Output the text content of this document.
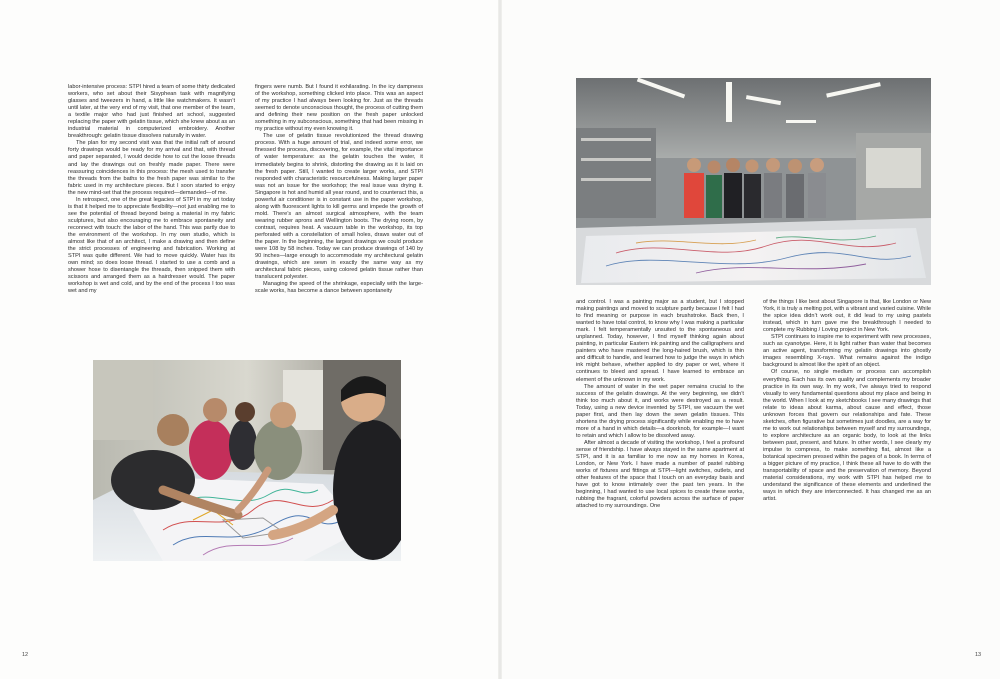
labor-intensive process: STPI hired a team of some thirty dedicated workers, who set about their Sisyphean task with magnifying glasses and tweezers in hand, a little like watchmakers. It wasn’t until later, at the very end of my visit, that one member of the team, a textile major who had just finished art school, suggested replacing the paper with gelatin tissue, which she knew about as an industrial material in computerized embroidery. Another breakthrough: gelatin tissue dissolves naturally in water.

The plan for my second visit was that the initial raft of around forty drawings would be ready for my arrival and that, with thread and paper separated, I would decide how to cut the loose threads and lay the drawings out on freshly made paper. There were reassuring coincidences in this process: the mesh used to transfer the threads from the baths to the fresh paper was similar to the fabric used in my architecture pieces. But I soon started to enjoy the new mind-set that the process required—demanded—of me.

In retrospect, one of the great legacies of STPI in my art today is that it helped me to appreciate flexibility—not just enabling me to see the potential of thread beyond being a material in my fabric sculptures, but also encouraging me to embrace spontaneity and reconnect with touch: the labor of the hand. This was partly due to the environment of the workshop. In my own studio, which is almost like that of an architect, I make a drawing and then define the strict processes of engineering and fabrication. Working at STPI was quite different. We had to move quickly. Water has its own mind; so does loose thread. I started to use a comb and a shower hose to disentangle the threads, then snipped them with scissors and arranged them as a hairdresser would. The paper workshop is wet and cold, and by the end of the process I too was wet and my

fingers were numb. But I found it exhilarating. In the icy dampness of the workshop, something clicked into place. This was an aspect of my practice I had always been looking for. Just as the threads seemed to denote unconscious thought, the process of cutting them and defining their new position on the fresh paper unlocked something in my subconscious, something that had been missing in my practice without my even knowing it.

The use of gelatin tissue revolutionized the thread drawing process. With a huge amount of trial, and indeed some error, we finessed the process, discovering, for example, the vital importance of water temperature: as the gelatin touches the water, it immediately begins to shrink, distorting the drawing as it is laid on the fresh paper. Still, I wanted to create larger works, and STPI responded with characteristic resourcefulness. Making larger paper was not an issue for the workshop; the real issue was drying it. Singapore is hot and humid all year round, and to counteract this, a powerful air conditioner is in constant use in the paper workshop, along with fluorescent lights to kill germs and impede the growth of mold. There’s an almost surgical atmosphere, with the team wearing rubber aprons and Wellington boots. The drying room, by contrast, requires heat. A vacuum table in the workshop, its top perforated with a constellation of small holes, draws water out of the paper. In the beginning, the largest drawings we could produce were 108 by 58 inches. Today we can produce drawings of 140 by 90 inches—large enough to accommodate my architectural gelatin drawings, which are sewn in exactly the same way as my architectural fabric pieces, using colored gelatin tissue rather than translucent polyester.

Managing the speed of the shrinkage, especially with the large-scale works, has become a dance between spontaneity

and control. I was a painting major as a student, but I stopped making paintings and moved to sculpture partly because I felt I had to find meaning or purpose in each brushstroke. Back then, I wanted to have total control, to know why I was making a particular mark. I felt temperamentally unsuited to the spontaneous and unplanned. Today, however, I find myself thinking again about painting, in particular Eastern ink painting and the calligraphers and painters who have mastered the long-haired brush, which is thin and difficult to handle, and learned how to judge the ways in which ink might behave, whether applied to dry paper or wet, where it continues to bleed and spread. I have learned to embrace an element of the unknown in my work.

The amount of water in the wet paper remains crucial to the success of the gelatin drawings. At the very beginning, we didn’t think too much about it, and works were destroyed as a result. Today, using a new device invented by STPI, we vacuum the wet paper first, and then lay down the sewn gelatin tissues. This shortens the drying process significantly while enabling me to have more of a hand in which details—a doorknob, for example—I want to retain and which I allow to be dissolved away.

After almost a decade of visiting the workshop, I feel a profound sense of friendship. I have always stayed in the same apartment at STPI, and it is as familiar to me now as my homes in Korea, London, or New York. I have made a number of pastel rubbing works of fixtures and fittings at STPI—light switches, outlets, and other features of the space that I touch on an everyday basis and have got to know intimately over the past ten years. In the beginning, I had wanted to use local spices to create these works, rubbing the fragrant, colorful powders across the surface of paper attached to my surroundings. One

of the things I like best about Singapore is that, like London or New York, it is truly a melting pot, with a vibrant and varied cuisine. While the spice idea didn’t work out, it did lead to my using pastels instead, which in turn gave me the breakthrough I needed to complete my Rubbing / Loving project in New York.

STPI continues to inspire me to experiment with new processes, such as cyanotype. Here, it is light rather than water that becomes an active agent, transforming my gelatin drawings into ghostly images resembling X-rays. What remains against the indigo background is almost like the spirit of an object.

Of course, no single medium or process can accomplish everything. Each has its own quality and complements my broader practice in its own way. In my work, I’ve always tried to respond visually to very fundamental questions about my place and being in the world. When I look at my sketchbooks I see many drawings that relate to ideas about karma, about cause and effect, those unknown forces that govern our relationships and fate. These sketches, often figurative but sometimes just doodles, are a way for me to work out relationships between myself and my surroundings, to explore architecture as an organic body, to look at the links between past, present, and future. In other words, I see clearly my impulse to compress, to make something flat, almost like a botanical specimen pressed within the pages of a book. In terms of a bigger picture of my practice, I think these all have to do with the transportability of space and the preservation of memory. Beyond material considerations, my work with STPI has helped me to understand the significance of these elements and underlined the ways in which they are interconnected. It has changed me as an artist.

12	13
